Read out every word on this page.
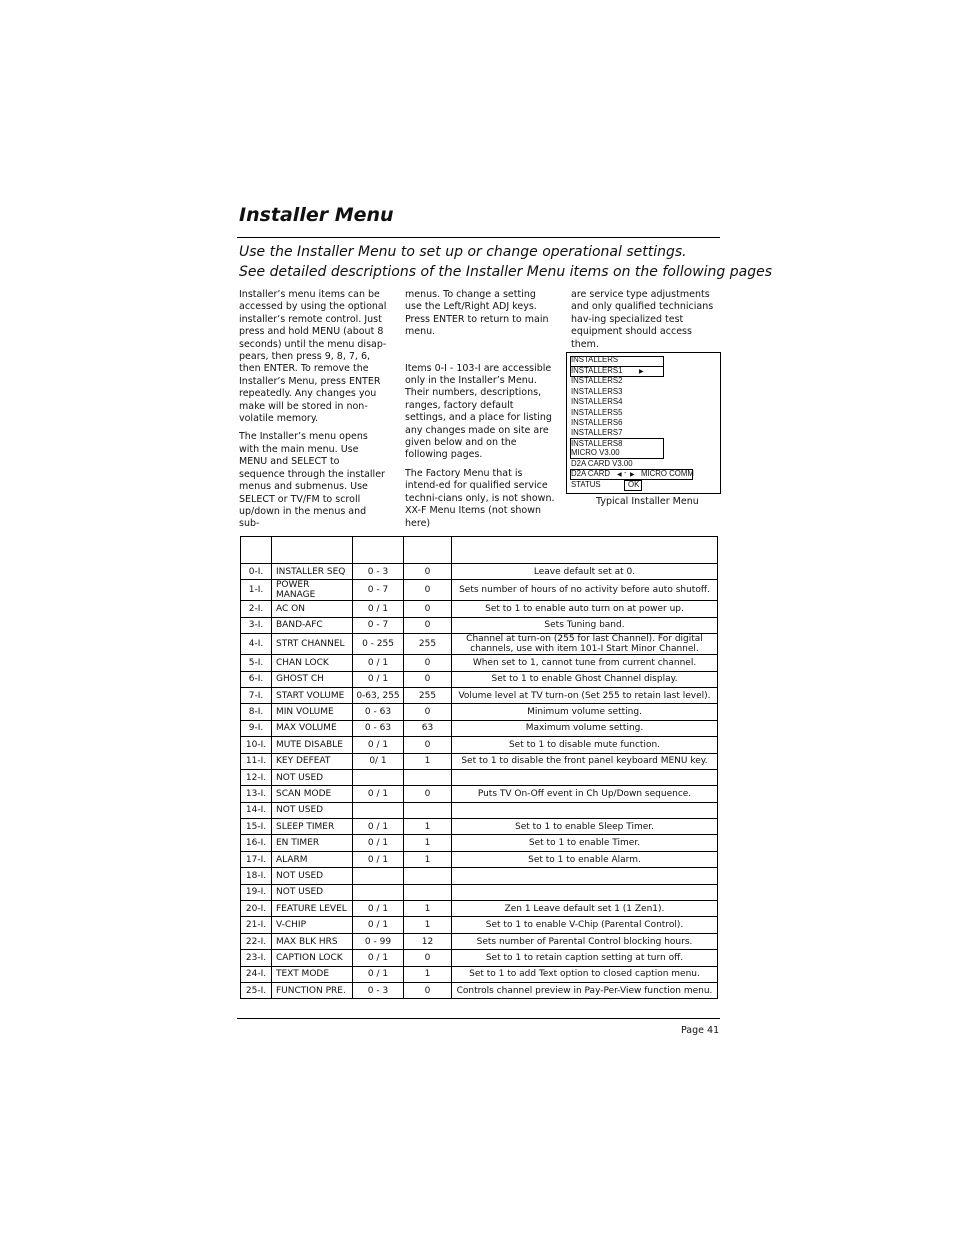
Installer Menu
Use the Installer Menu to set up or change operational settings.
See detailed descriptions of the Installer Menu items on the following pages

Installer’s menu items can be accessed by using the optional installer’s remote control. Just press and hold MENU (about 8 seconds) until the menu disap-pears, then press 9, 8, 7, 6, then ENTER. To remove the Installer’s Menu, press ENTER repeatedly. Any changes you make will be stored in non-volatile memory.

The Installer’s menu opens with the main menu. Use MENU and SELECT to sequence through the installer menus and submenus. Use SELECT or TV/FM to scroll up/down in the menus and sub-

menus. To change a setting use the Left/Right ADJ keys. Press ENTER to return to main menu.

Items 0-I - 103-I are accessible only in the Installer’s Menu. Their numbers, descriptions, ranges, factory default settings, and a place for listing any changes made on site are given below and on the following pages.

The Factory Menu that is intend-ed for qualified service techni-cians only, is not shown. XX-F Menu Items (not shown here)

are service type adjustments and only qualified technicians hav-ing specialized test equipment should access them.

▶
INSTALLERS
INSTALLERS1
INSTALLERS2
INSTALLERS3
INSTALLERS4
INSTALLERS5
INSTALLERS6
INSTALLERS7
INSTALLERS8
MICRO V3.00
D2A CARD V3.00
D2A CARD ◀ - ▶ MICRO COMM
STATUS	OK
Typical Installer Menu

0-I.	INSTALLER SEQ	0 - 3	0	Leave default set at 0.
1-I.	POWER MANAGE	0 - 7	0	Sets number of hours of no activity before auto shutoff.
2-I.	AC ON	0 / 1	0	Set to 1 to enable auto turn on at power up.
3-I.	BAND-AFC	0 - 7	0	Sets Tuning band.
4-I.	STRT CHANNEL	0 - 255	255	Channel at turn-on (255 for last Channel). For digital channels, use with item 101-I Start Minor Channel.
5-I.	CHAN LOCK	0 / 1	0	When set to 1, cannot tune from current channel.
6-I.	GHOST CH	0 / 1	0	Set to 1 to enable Ghost Channel display.
7-I.	START VOLUME	0-63, 255	255	Volume level at TV turn-on (Set 255 to retain last level).
8-I.	MIN VOLUME	0 - 63	0	Minimum volume setting.
9-I.	MAX VOLUME	0 - 63	63	Maximum volume setting.
10-I.	MUTE DISABLE	0 / 1	0	Set to 1 to disable mute function.
11-I.	KEY DEFEAT	0/ 1	1	Set to 1 to disable the front panel keyboard MENU key.
12-I.	NOT USED			
13-I.	SCAN MODE	0 / 1	0	Puts TV On-Off event in Ch Up/Down sequence.
14-I.	NOT USED			
15-I.	SLEEP TIMER	0 / 1	1	Set to 1 to enable Sleep Timer.
16-I.	EN TIMER	0 / 1	1	Set to 1 to enable Timer.
17-I.	ALARM	0 / 1	1	Set to 1 to enable Alarm.
18-I.	NOT USED			
19-I.	NOT USED			
20-I.	FEATURE LEVEL	0 / 1	1	Zen 1 Leave default set 1 (1 Zen1).
21-I.	V-CHIP	0 / 1	1	Set to 1 to enable V-Chip (Parental Control).
22-I.	MAX BLK HRS	0 - 99	12	Sets number of Parental Control blocking hours.
23-I.	CAPTION LOCK	0 / 1	0	Set to 1 to retain caption setting at turn off.
24-I.	TEXT MODE	0 / 1	1	Set to 1 to add Text option to closed caption menu.
25-I.	FUNCTION PRE.	0 - 3	0	Controls channel preview in Pay-Per-View function menu.
Page 41
